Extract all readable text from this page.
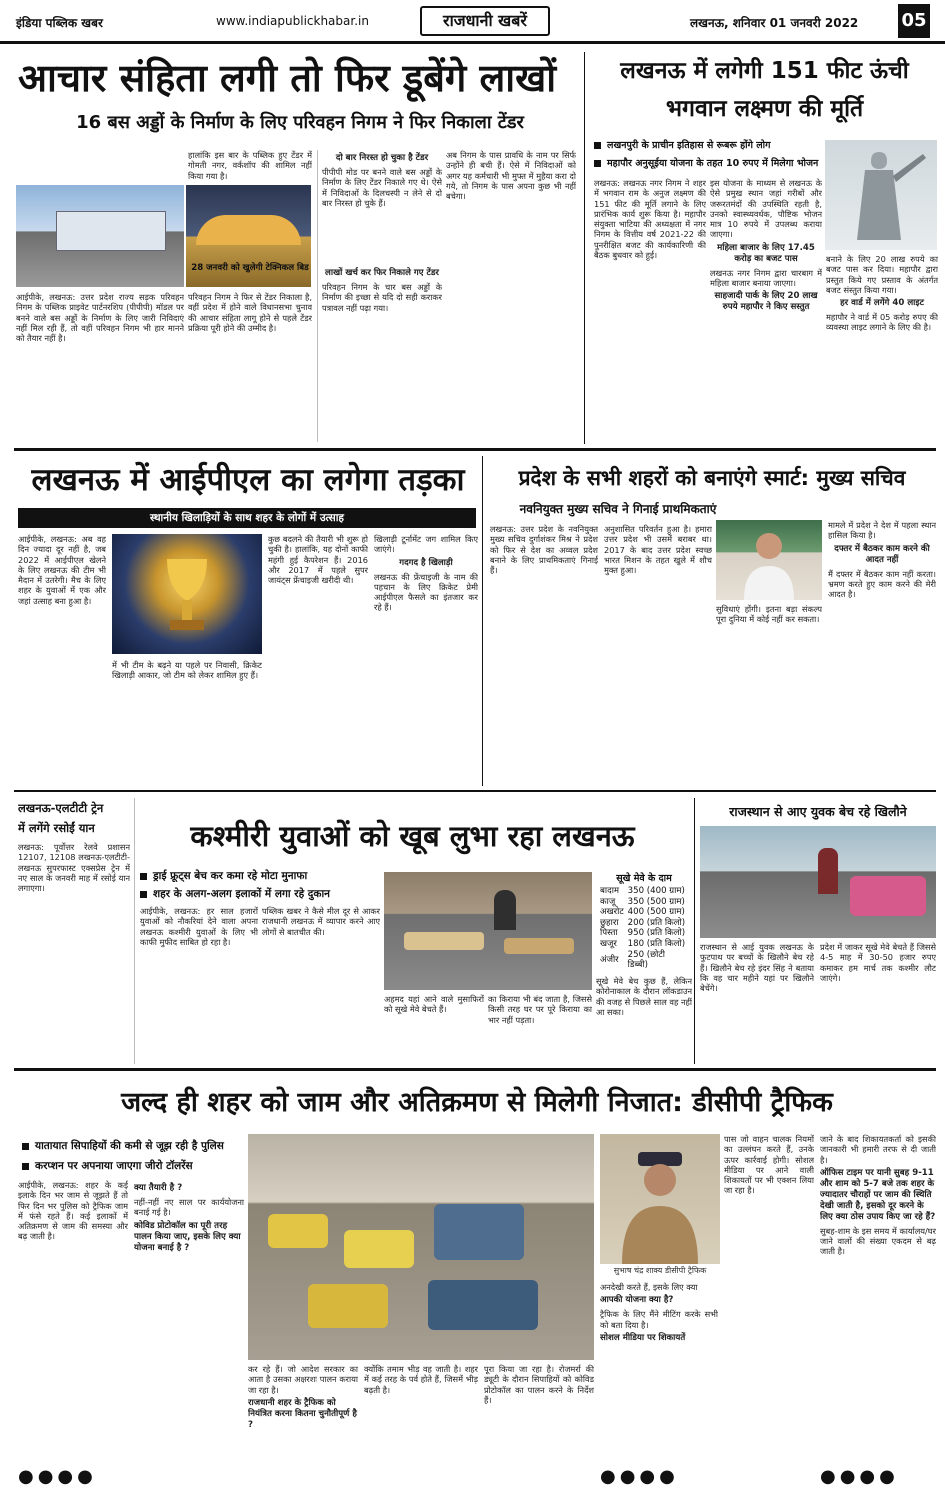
इंडिया पब्लिक खबर	www.indiapublickhabar.in	राजधानी खबरें	लखनऊ, शनिवार 01 जनवरी 2022 05
आचार संहिता लगी तो फिर डूबेंगे लाखों
16 बस अड्डों के निर्माण के लिए परिवहन निगम ने फिर निकाला टेंडर
आईपीके, लखनऊ: उत्तर प्रदेश राज्य सड़क परिवहन निगम के पब्लिक प्राइवेट पार्टनरशिप (पीपीपी) मॉडल पर बनने वाले बस अड्डों के निर्माण के लिए जारी निविदाएं नहीं मिल रही हैं, तो वहीं परिवहन निगम भी हार मानने को तैयार नहीं है।
परिवहन निगम ने फिर से टेंडर निकाला है, वहीं प्रदेश में होने वाले विधानसभा चुनाव की आचार संहिता लागू होने से पहले टेंडर प्रक्रिया पूरी होने की उम्मीद है।
हालांकि इस बार के पब्लिक हुए टेंडर में गोमती नगर, वर्कशॉप की शामिल नहीं किया गया है।
28 जनवरी को खुलेगी टेक्निकल बिड
दो बार निरस्त हो चुका है टेंडर
पीपीपी मोड पर बनने वाले बस अड्डों के निर्माण के लिए टेंडर निकाले गए थे। ऐसे में निविदाओं के दिलचस्पी न लेने से दो बार निरस्त हो चुके हैं।
लाखों खर्च कर फिर निकाले गए टेंडर
परिवहन निगम के चार बस अड्डों के निर्माण की इच्छा से यदि दो सही कराकर पत्रावल नहीं पढ़ा गया।
अब निगम के पास प्रावधि के नाम पर सिर्फ उन्होंने ही बची हैं। ऐसे में निविदाओं को अगर यह कर्मचारी भी मुफ्त में मुहैया करा दो गये, तो निगम के पास अपना कुछ भी नहीं बचेगा।
लखनऊ में लगेगी 151 फीट ऊंची
भगवान लक्ष्मण की मूर्ति
लखनपुरी के प्राचीन इतिहास से रूबरू होंगे लोग
महापौर अनुसूईया योजना के तहत 10 रुपए में मिलेगा भोजन
लखनऊ: लखनऊ नगर निगम ने शहर में भगवान राम के अनुज लक्ष्मण की 151 फीट की मूर्ति लगाने के लिए प्रारंभिक कार्य शुरू किया है। महापौर संयुक्ता भाटिया की अध्यक्षता में नगर निगम के वित्तीय वर्ष 2021-22 की पुनरीक्षित बजट की कार्यकारिणी की बैठक बुधवार को हुई।
इस योजना के माध्यम से लखनऊ के ऐसे प्रमुख स्थान जहां गरीबों और जरूरतमंदों की उपस्थिति रहती है, उनको स्वास्थ्यवर्धक, पौष्टिक भोजन मात्र 10 रुपये में उपलब्ध कराया जाएगा।
महिला बाजार के लिए 17.45 करोड़ का बजट पास
लखनऊ नगर निगम द्वारा चारबाग में महिला बाजार बनाया जाएगा।
साहजादी पार्क के लिए 20 लाख रुपये महापौर ने किए सस्तुत
बनाने के लिए 20 लाख रुपये का बजट पास कर दिया। महापौर द्वारा प्रस्तुत किये गए प्रस्ताव के अंतर्गत बजट संस्तुत किया गया।
हर वार्ड में लगेंगे 40 लाइट
महापौर ने वार्ड में 05 करोड़ रुपए की व्यवस्था लाइट लगाने के लिए की है।
लखनऊ में आईपीएल का लगेगा तड़का
स्थानीय खिलाड़ियों के साथ शहर के लोगों में उत्साह
आईपीके, लखनऊ: अब वह दिन ज्यादा दूर नहीं है, जब 2022 में आईपीएल खेलने के लिए लखनऊ की टीम भी मैदान में उतरेगी। मैच के लिए शहर के युवाओं में एक और जहां उत्साह बना हुआ है।
में भी टीम के बढ़ने या पहले पर निवासी, क्रिकेट खिलाड़ी आकार, जो टीम को लेकर शामिल हुए हैं।
कुछ बदलने की तैयारी भी शुरू हो चुकी है। हालांकि, यह दोनों काफी महंगी हुई कैपरेशन हैं। 2016 और 2017 में पहले सुपर जायंट्स फ्रेंचाइजी खरीदी थी।
खिलाड़ी टूर्नामेंट जग शामिल किए जाएंगे।
गदगद है खिलाड़ी
लखनऊ की फ्रेंचाइजी के नाम की पहचान के लिए क्रिकेट प्रेमी आईपीएल फैसले का इंतजार कर रहे हैं।
प्रदेश के सभी शहरों को बनाएंगे स्मार्ट: मुख्य सचिव
नवनियुक्त मुख्य सचिव ने गिनाई प्राथमिकताएं
लखनऊ: उत्तर प्रदेश के नवनियुक्त मुख्य सचिव दुर्गाशंकर मिश्र ने प्रदेश को फिर से देश का अव्वल प्रदेश बनाने के लिए प्राथमिकताएं गिनाई हैं।
अनुशासित परिवर्तन हुआ है। हमारा उत्तर प्रदेश भी उसमें बराबर था। 2017 के बाद उत्तर प्रदेश स्वच्छ भारत मिशन के तहत खुले में शौच मुक्त हुआ।
सुविधाएं होंगी। इतना बड़ा संकल्प पूरा दुनिया में कोई नहीं कर सकता।
मामले में प्रदेश ने देश में पहला स्थान हासिल किया है।
दफ्तर में बैठकर काम करने की आदत नहीं
मैं दफ्तर में बैठकर काम नहीं करता। भ्रमण करते हुए काम करने की मेरी आदत है।
लखनऊ-एलटीटी ट्रेन
में लगेंगे रसोईं यान
लखनऊ: पूर्वोत्तर रेलवे प्रशासन 12107, 12108 लखनऊ-एलटीटी-लखनऊ सुपरफास्ट एक्सप्रेस ट्रेन में नए साल के जनवरी माह में रसोई यान लगाएगा।
कश्मीरी युवाओं को खूब लुभा रहा लखनऊ
ड्राई फ्रूट्स बेच कर कमा रहे मोटा मुनाफा
शहर के अलग-अलग इलाकों में लगा रहे दुकान
आईपीके, लखनऊ: हर साल हजारों युवाओं को नौकरियां देने वाला अपना लखनऊ कश्मीरी युवाओं के लिए भी काफी मुफीद साबित हो रहा है।
पब्लिक खबर ने कैसे मील दूर से आकर राजधानी लखनऊ में व्यापार करने आए लोगों से बातचीत की।
अहमद यहां आने वाले मुसाफिरों को सूखे मेवे बेचते हैं।
का किराया भी बंद जाता है, जिससे किसी तरह घर पर पूरे किराया का भार नहीं पड़ता।
सूखे मेवे के दाम
बादाम	350 (400 ग्राम)
काजू	350 (500 ग्राम)
अखरोट	400 (500 ग्राम)
छुहारा	200 (प्रति किलो)
पिस्ता	950 (प्रति किलो)
खजूर	180 (प्रति किलो)
अंजीर	250 (छोटी डिब्बी)
सूखे मेवे बेच कुछ हैं, लेकिन कोरोनाकाल के दौरान लॉकडाउन की वजह से पिछले साल वह नहीं आ सका।
राजस्थान से आए युवक बेच रहे खिलौने
राजस्थान से आई युवक लखनऊ के फुटपाथ पर बच्चों के खिलौने बेच रहे हैं। खिलौने बेच रहे इंदर सिंह ने बताया कि वह चार महीने यहां पर खिलौने बेचेंगे।
प्रदेश में जाकर सूखे मेवे बेचते हैं जिससे 4-5 माह में 30-50 हजार रुपए कमाकर हम मार्च तक कश्मीर लौट जाएंगे।
जल्द ही शहर को जाम और अतिक्रमण से मिलेगी निजात: डीसीपी ट्रैफिक
यातायात सिपाहियों की कमी से जूझ रही है पुलिस
करप्शन पर अपनाया जाएगा जीरो टॉलरेंस
आईपीके, लखनऊ: शहर के कई इलाके दिन भर जाम से जूझते हैं तो फिर दिन भर पुलिस को ट्रैफिक जाम में फंसे रहते हैं। कई इलाकों में अतिक्रमण से जाम की समस्या और बढ़ जाती है।
क्या तैयारी है ?
नहीं-नहीं नए साल पर कार्ययोजना बनाई गई है।
कोविड प्रोटोकॉल का पूरी तरह पालन किया जाए, इसके लिए क्या योजना बनाई है ?
कर रहे हैं। जो आदेश सरकार का आता है उसका अक्षरशः पालन कराया जा रहा है।
राजधानी शहर के ट्रैफिक को नियंत्रित करना कितना चुनौतीपूर्ण है ?
क्योंकि तमाम भीड़ वह जाती है। शहर में कई तरह के पर्व होते हैं, जिसमें भीड़ बढ़ती है।
पूरा किया जा रहा है। रोजमर्रा की ड्यूटी के दौरान सिपाहियों को कोविड प्रोटोकॉल का पालन करने के निर्देश हैं।
सुभाष चंद्र शाक्य डीसीपी ट्रैफिक
अनदेखी करते हैं, इसके लिए क्या
आपकी योजना क्या है?
ट्रैफिक के लिए मैंने मीटिंग करके सभी को बता दिया है।
सोशल मीडिया पर शिकायतें
पास जो वाहन चालक नियमों का उल्लंघन करते हैं, उनके ऊपर कार्रवाई होगी। सोशल मीडिया पर आने वाली शिकायतों पर भी एक्शन लिया जा रहा है।
जाने के बाद शिकायतकर्ता को इसकी जानकारी भी हमारी तरफ से दी जाती है।
ऑफिस टाइम पर यानी सुबह 9-11 और शाम को 5-7 बजे तक शहर के ज्यादातर चौराहों पर जाम की स्थिति देखी जाती है, इसको दूर करने के लिए क्या ठोस उपाय किए जा रहे हैं?
सुबह-शाम के इस समय में कार्यालय/घर जाने वालों की संख्या एकदम से बढ़ जाती है।
●●●●	●●●●	●●●●
